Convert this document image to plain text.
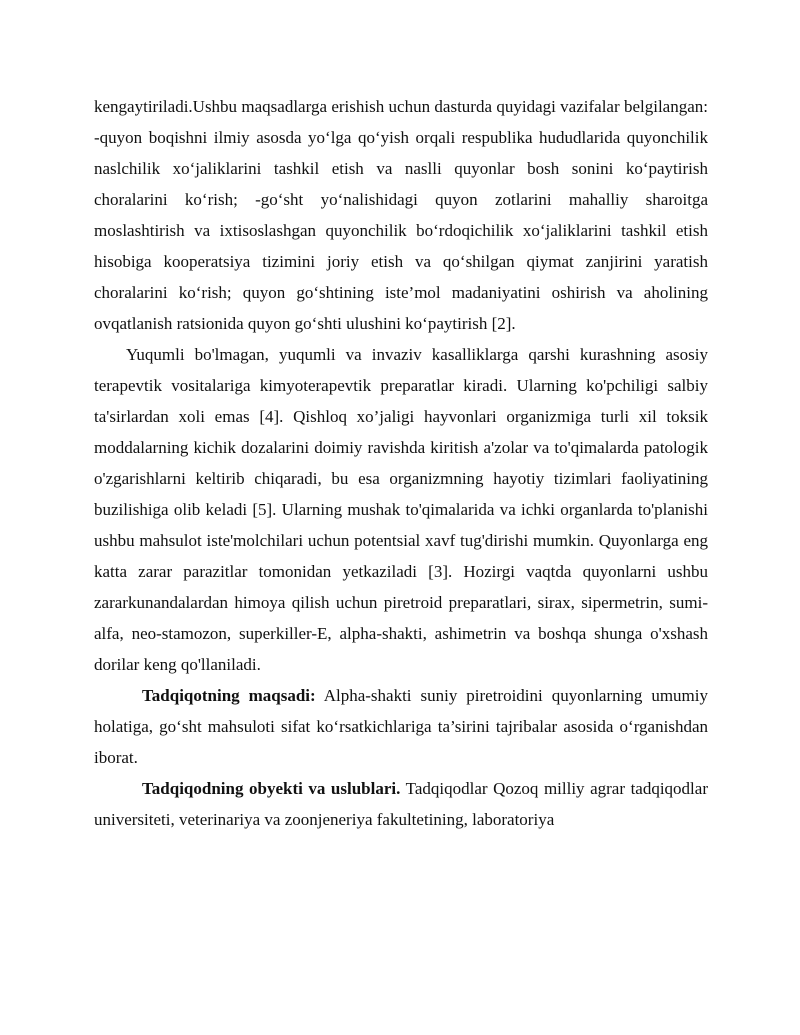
kengaytiriladi.Ushbu maqsadlarga erishish uchun dasturda quyidagi vazifalar belgilangan: -quyon boqishni ilmiy asosda yo‘lga qo‘yish orqali respublika hududlarida quyonchilik naslchilik xo‘jaliklarini tashkil etish va naslli quyonlar bosh sonini ko‘paytirish choralarini ko‘rish; -go‘sht yo‘nalishidagi quyon zotlarini mahalliy sharoitga moslashtirish va ixtisoslashgan quyonchilik bo‘rdoqichilik xo‘jaliklarini tashkil etish hisobiga kooperatsiya tizimini joriy etish va qo‘shilgan qiymat zanjirini yaratish choralarini ko‘rish; quyon go‘shtining iste’mol madaniyatini oshirish va aholining ovqatlanish ratsionida quyon go‘shti ulushini ko‘paytirish [2].

Yuqumli bo'lmagan, yuqumli va invaziv kasalliklarga qarshi kurashning asosiy terapevtik vositalariga kimyoterapevtik preparatlar kiradi. Ularning ko'pchiligi salbiy ta'sirlardan xoli emas [4]. Qishloq xo’jaligi hayvonlari organizmiga turli xil toksik moddalarning kichik dozalarini doimiy ravishda kiritish a'zolar va to'qimalarda patologik o'zgarishlarni keltirib chiqaradi, bu esa organizmning hayotiy tizimlari faoliyatining buzilishiga olib keladi [5]. Ularning mushak to'qimalarida va ichki organlarda to'planishi ushbu mahsulot iste'molchilari uchun potentsial xavf tug'dirishi mumkin. Quyonlarga eng katta zarar parazitlar tomonidan yetkaziladi [3]. Hozirgi vaqtda quyonlarni ushbu zararkunandalardan himoya qilish uchun piretroid preparatlari, sirax, sipermetrin, sumi-alfa, neo-stamozon, superkiller-E, alpha-shakti, ashimetrin va boshqa shunga o'xshash dorilar keng qo'llaniladi.

Tadqiqotning maqsadi: Alpha-shakti suniy piretroidini quyonlarning umumiy holatiga, go‘sht mahsuloti sifat ko‘rsatkichlariga ta’sirini tajribalar asosida o‘rganishdan iborat.

Tadqiqodning obyekti va uslublari. Tadqiqodlar Qozoq milliy agrar tadqiqodlar universiteti, veterinariya va zoonjeneriya fakultetining, laboratoriya
